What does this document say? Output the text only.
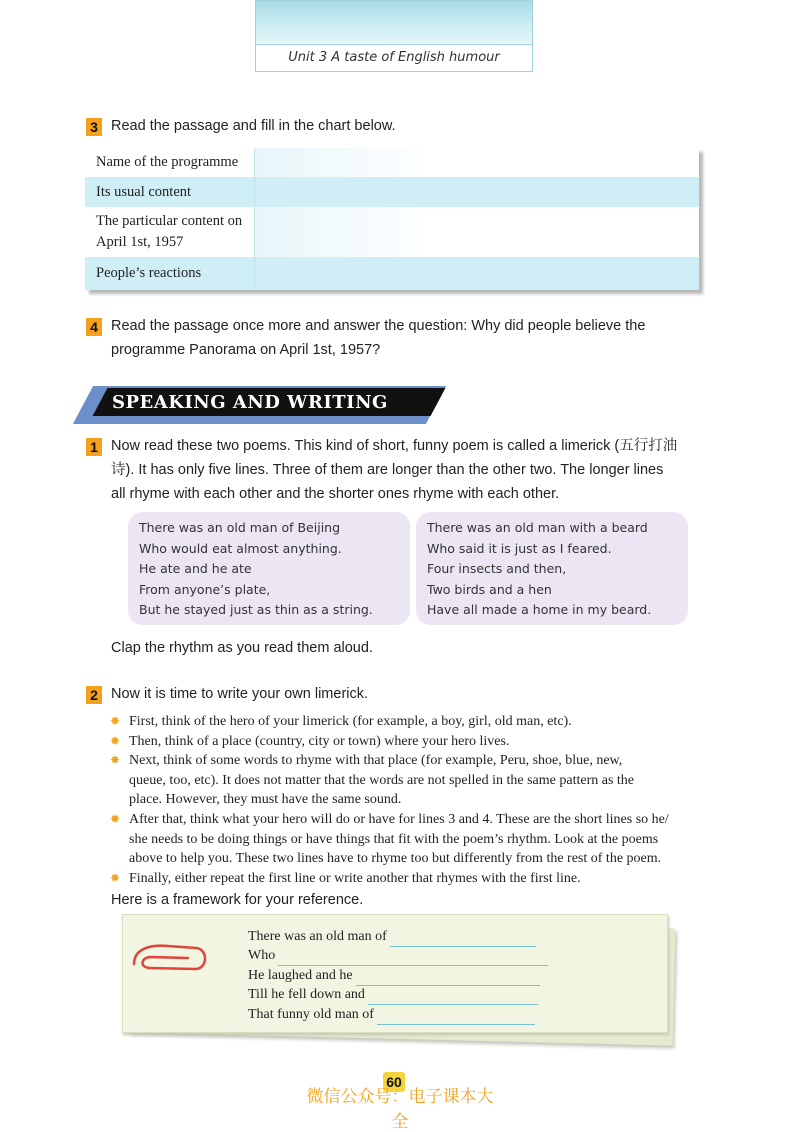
Unit 3 A taste of English humour
3 Read the passage and fill in the chart below.
Name of the programme
Its usual content
The particular content on
April 1st, 1957
People’s reactions
4 Read the passage once more and answer the question: Why did people believe the
programme Panorama on April 1st, 1957?
SPEAKING AND WRITING TASK
1 Now read these two poems. This kind of short, funny poem is called a limerick (五行打油
诗). It has only five lines. Three of them are longer than the other two. The longer lines
all rhyme with each other and the shorter ones rhyme with each other.
There was an old man of Beijing
Who would eat almost anything.
He ate and he ate
From anyone’s plate,
But he stayed just as thin as a string.
There was an old man with a beard
Who said it is just as I feared.
Four insects and then,
Two birds and a hen
Have all made a home in my beard.
Clap the rhythm as you read them aloud.
2 Now it is time to write your own limerick.
✸ First, think of the hero of your limerick (for example, a boy, girl, old man, etc).
✸ Then, think of a place (country, city or town) where your hero lives.
✸ Next, think of some words to rhyme with that place (for example, Peru, shoe, blue, new,
queue, too, etc). It does not matter that the words are not spelled in the same pattern as the
place. However, they must have the same sound.
✸ After that, think what your hero will do or have for lines 3 and 4. These are the short lines so he/
she needs to be doing things or have things that fit with the poem’s rhythm. Look at the poems
above to help you. These two lines have to rhyme too but differently from the rest of the poem.
✸ Finally, either repeat the first line or write another that rhymes with the first line.
Here is a framework for your reference.
There was an old man of
Who
He laughed and he
Till he fell down and
That funny old man of
60
微信公众号：电子课本大全
